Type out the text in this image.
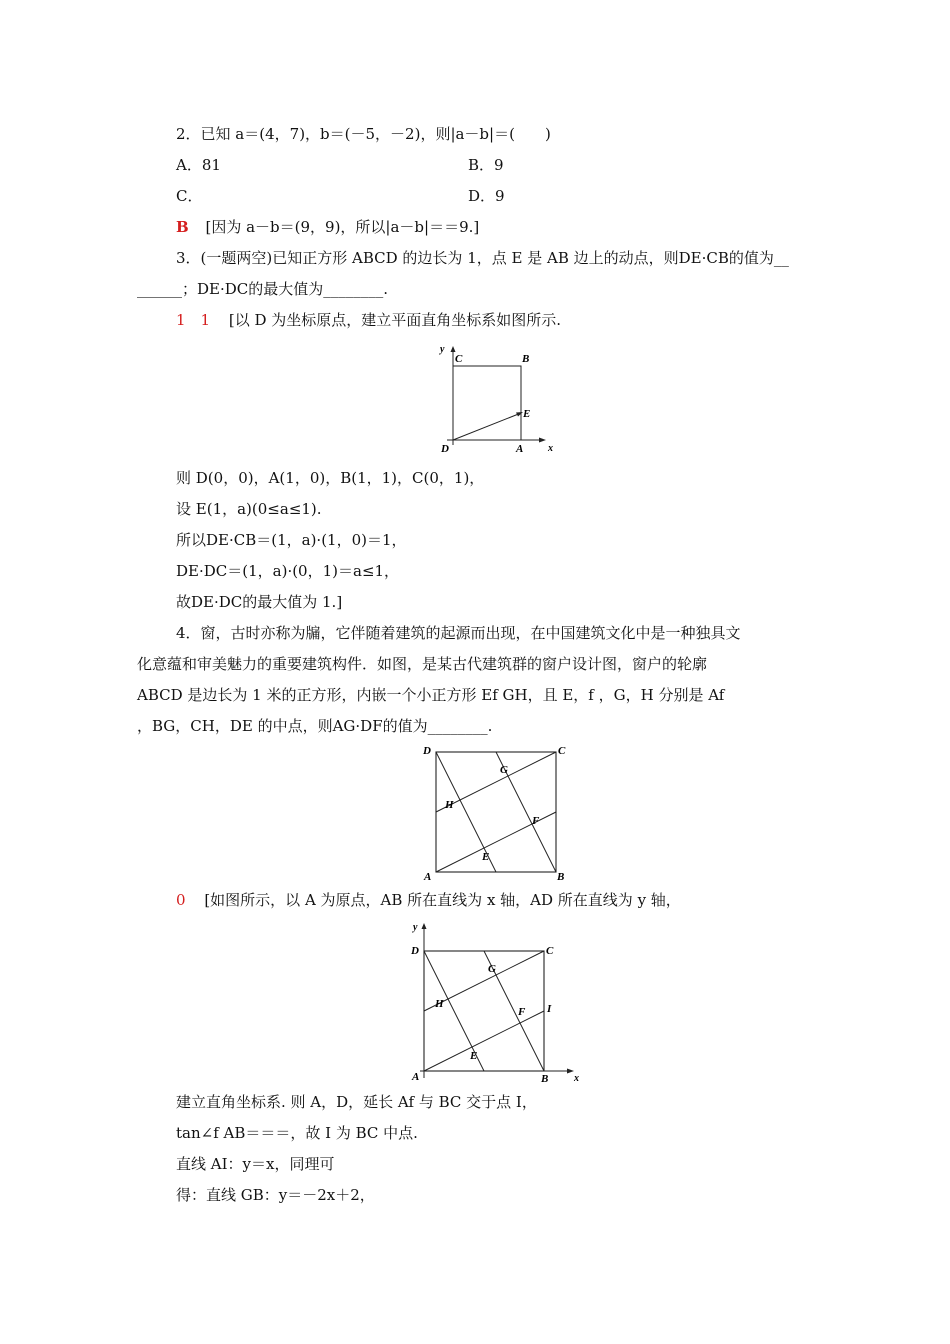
2．已知 a＝(4，7)，b＝(－5，－2)，则|a－b|＝(　　)
A．81	B．9
C．	D．9
B [因为 a－b＝(9，9)，所以|a－b|＝＝9.]
3．(一题两空)已知正方形 ABCD 的边长为 1，点 E 是 AB 边上的动点，则DE·CB的值为__
______；DE·DC的最大值为________.
1　1 [以 D 为坐标原点，建立平面直角坐标系如图所示.
y
x
C	B
E
D	A
则 D(0，0)，A(1，0)，B(1，1)，C(0，1)，
设 E(1，a)(0≤a≤1).
所以DE·CB＝(1，a)·(1，0)＝1，
DE·DC＝(1，a)·(0，1)＝a≤1，
故DE·DC的最大值为 1.]
4．窗，古时亦称为牖，它伴随着建筑的起源而出现，在中国建筑文化中是一种独具文
化意蕴和审美魅力的重要建筑构件．如图，是某古代建筑群的窗户设计图，窗户的轮廓
ABCD 是边长为 1 米的正方形，内嵌一个小正方形 Ef GH，且 E，f ，G，H 分别是 Af
，BG，CH，DE 的中点，则AG·DF的值为________.
D	C
G
H
F
E
A	B
0 [如图所示，以 A 为原点，AB 所在直线为 x 轴，AD 所在直线为 y 轴，
y
x
D	C
G
H
F I
E
A	B
建立直角坐标系. 则 A，D，延长 Af 与 BC 交于点 I，
tan∠f AB＝＝＝，故 I 为 BC 中点.
直线 AI：y＝x，同理可
得：直线 GB：y＝－2x＋2，
